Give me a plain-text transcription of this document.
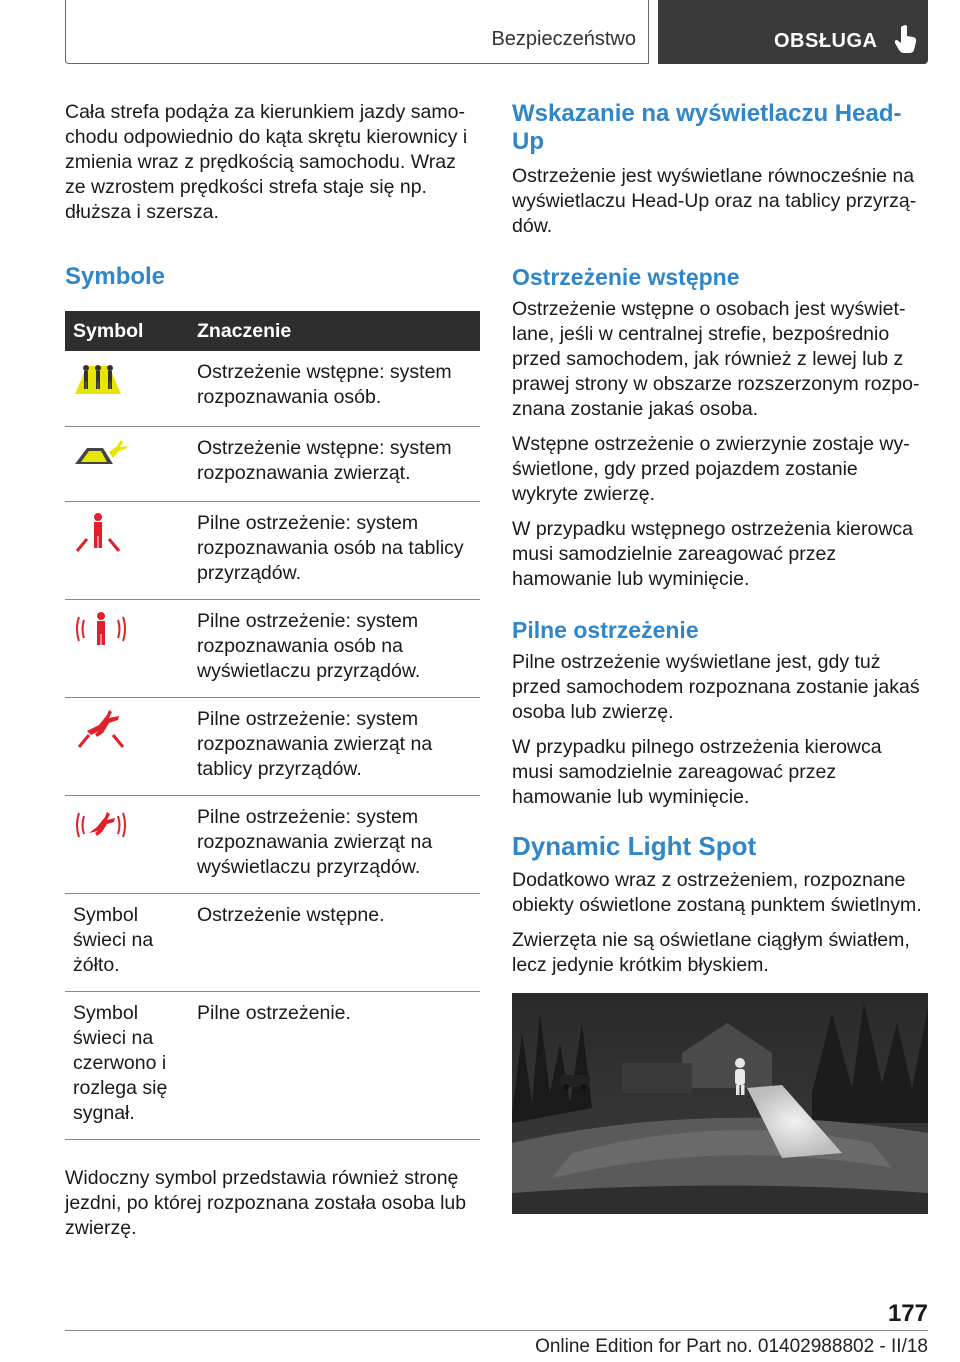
Bezpieczeństwo	OBSŁUGA

Cała strefa podąża za kierunkiem jazdy samochodu odpowiednio do kąta skrętu kierownicy i zmienia wraz z prędkością samochodu. Wraz ze wzrostem prędkości strefa staje się np. dłuższa i szersza.

Symbole
Symbol	Znaczenie
	Ostrzeżenie wstępne: system rozpoznawania osób.
	Ostrzeżenie wstępne: system rozpoznawania zwierząt.
	Pilne ostrzeżenie: system rozpoznawania osób na tablicy przyrządów.
	Pilne ostrzeżenie: system rozpoznawania osób na wyświetlaczu przyrządów.
	Pilne ostrzeżenie: system rozpoznawania zwierząt na tablicy przyrządów.
	Pilne ostrzeżenie: system rozpoznawania zwierząt na wyświetlaczu przyrządów.
Symbol świeci na żółto.	Ostrzeżenie wstępne.
Symbol świeci na czerwono i rozlega się sygnał.	Pilne ostrzeżenie.

Widoczny symbol przedstawia również stronę jezdni, po której rozpoznana została osoba lub zwierzę.

Wskazanie na wyświetlaczu Head-Up

Ostrzeżenie jest wyświetlane równocześnie na wyświetlaczu Head-Up oraz na tablicy przyrządów.

Ostrzeżenie wstępne

Ostrzeżenie wstępne o osobach jest wyświetlane, jeśli w centralnej strefie, bezpośrednio przed samochodem, jak również z lewej lub z prawej strony w obszarze rozszerzonym rozpoznana zostanie jakaś osoba.

Wstępne ostrzeżenie o zwierzynie zostaje wyświetlone, gdy przed pojazdem zostanie wykryte zwierzę.

W przypadku wstępnego ostrzeżenia kierowca musi samodzielnie zareagować przez hamowanie lub wyminięcie.

Pilne ostrzeżenie

Pilne ostrzeżenie wyświetlane jest, gdy tuż przed samochodem rozpoznana zostanie jakaś osoba lub zwierzę.

W przypadku pilnego ostrzeżenia kierowca musi samodzielnie zareagować przez hamowanie lub wyminięcie.

Dynamic Light Spot

Dodatkowo wraz z ostrzeżeniem, rozpoznane obiekty oświetlone zostaną punktem świetlnym.

Zwierzęta nie są oświetlane ciągłym światłem, lecz jedynie krótkim błyskiem.

177
Online Edition for Part no. 01402988802 - II/18
